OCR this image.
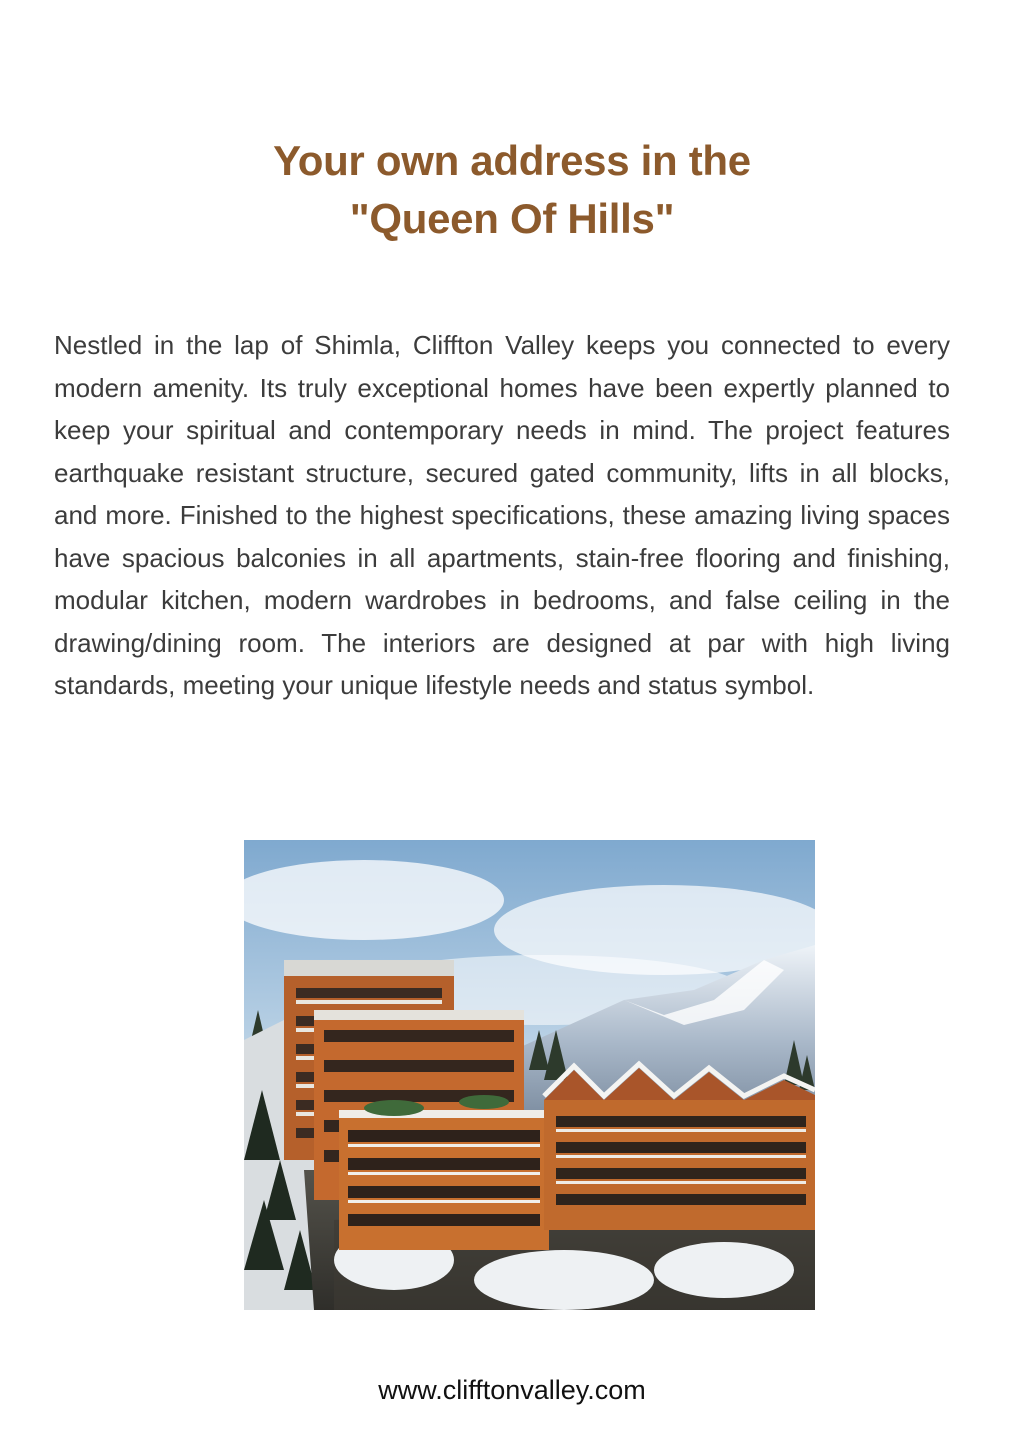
Your own address in the
"Queen Of Hills"

Nestled in the lap of Shimla, Cliffton Valley keeps you connected to every modern amenity. Its truly exceptional homes have been expertly planned to keep your spiritual and contemporary needs in mind. The project features earthquake resistant structure, secured gated community, lifts in all blocks, and more. Finished to the highest specifications, these amazing living spaces have spacious balconies in all apartments, stain-free flooring and finishing, modular kitchen, modern wardrobes in bedrooms, and false ceiling in the drawing/dining room. The interiors are designed at par with high living standards, meeting your unique lifestyle needs and status symbol.

www.clifftonvalley.com
